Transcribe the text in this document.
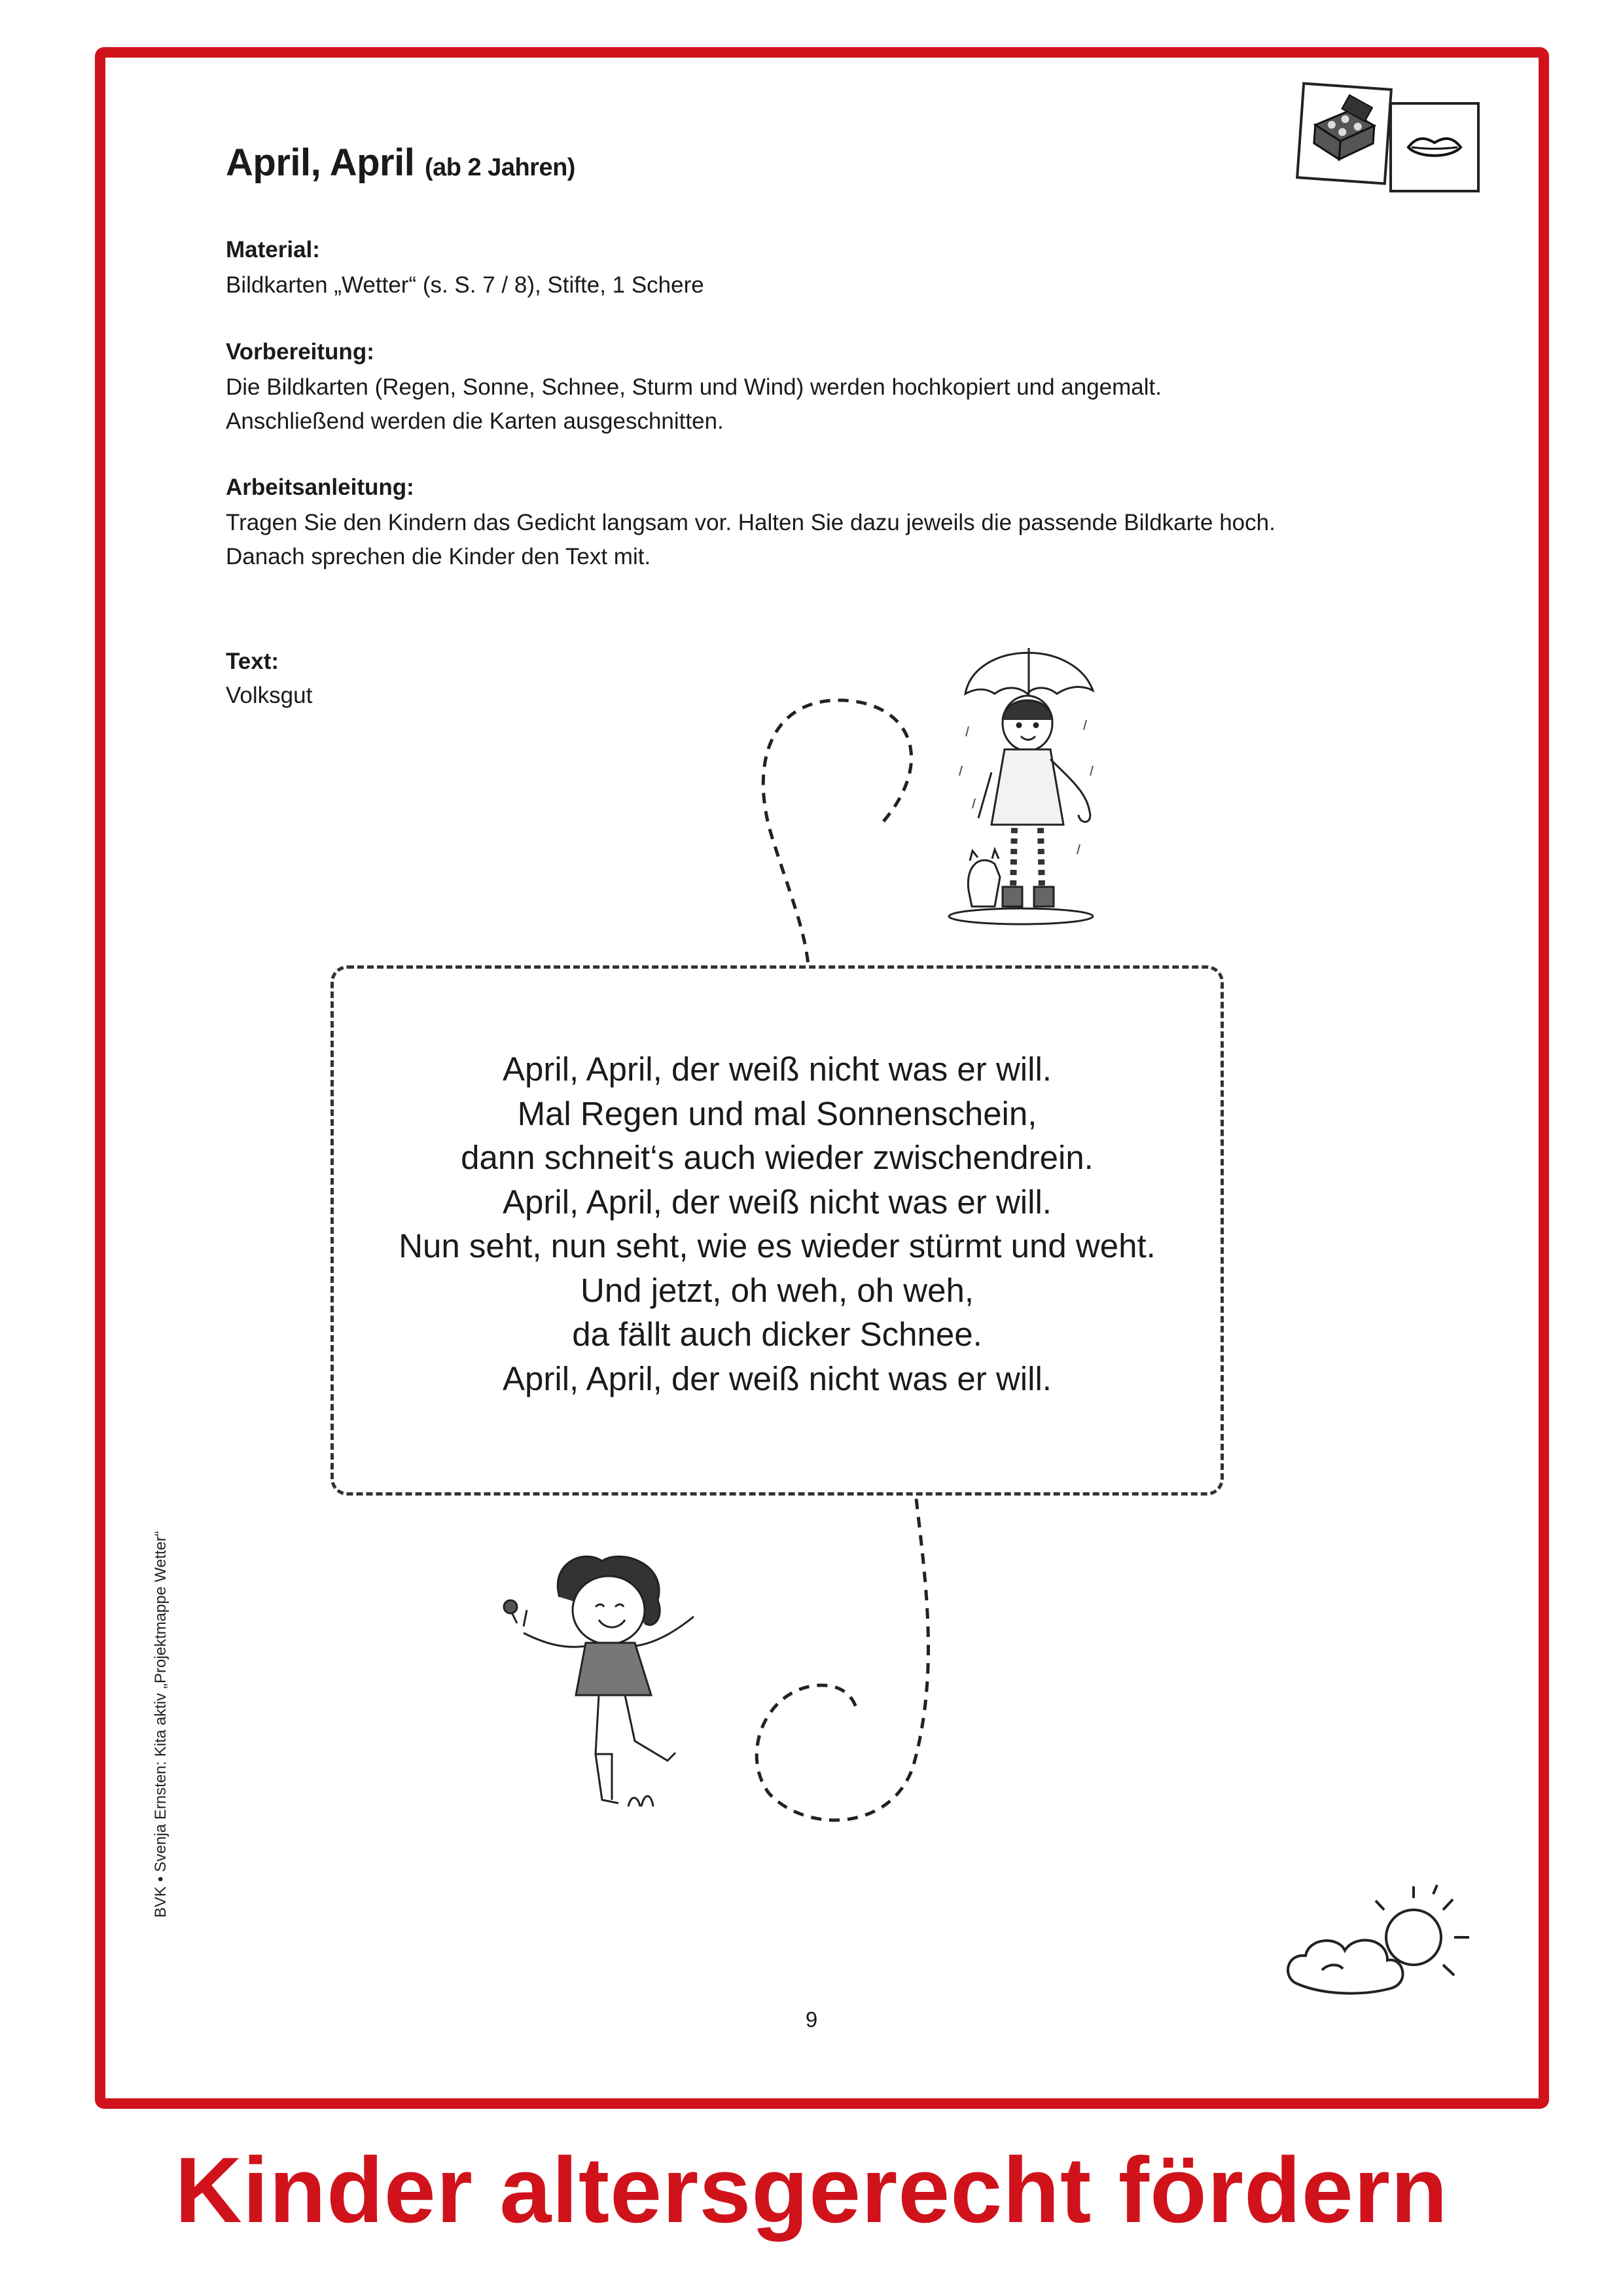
April, April (ab 2 Jahren)
Material:
Bildkarten „Wetter“ (s. S. 7 / 8), Stifte, 1 Schere
Vorbereitung:
Die Bildkarten (Regen, Sonne, Schnee, Sturm und Wind) werden hochkopiert und angemalt.
Anschließend werden die Karten ausgeschnitten.
Arbeitsanleitung:
Tragen Sie den Kindern das Gedicht langsam vor. Halten Sie dazu jeweils die passende Bildkarte hoch.
Danach sprechen die Kinder den Text mit.

Text:
Volksgut

April, April, der weiß nicht was er will.
Mal Regen und mal Sonnenschein,
dann schneit‘s auch wieder zwischendrein.
April, April, der weiß nicht was er will.
Nun seht, nun seht, wie es wieder stürmt und weht.
Und jetzt, oh weh, oh weh,
da fällt auch dicker Schnee.
April, April, der weiß nicht was er will.
BVK • Svenja Ernsten: Kita aktiv „Projektmappe Wetter“
9
Kinder altersgerecht fördern
